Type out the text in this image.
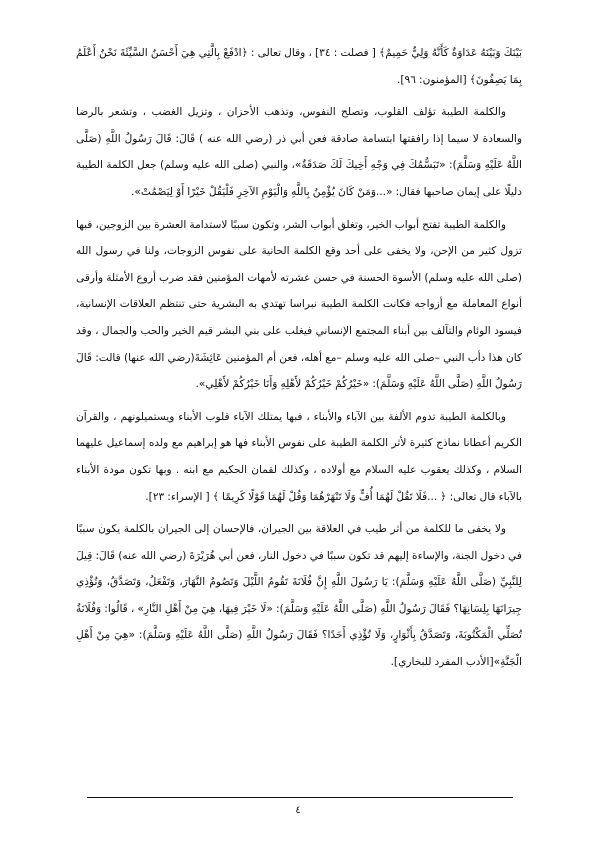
بَيْنَكَ وَبَيْنَهُ عَدَاوَةٌ كَأَنَّهُ وَلِيٌّ حَمِيمٌ﴾ [ فصلت : ٣٤] ، وقال تعالى : ﴿ادْفَعْ بِالَّتِي هِيَ أَحْسَنُ السَّيِّئَةَ نَحْنُ أَعْلَمُ بِمَا يَصِفُونَ﴾ [المؤمنون: ٩٦].

والكلمة الطيبة تؤلف القلوب، وتصلح النفوس، وتذهب الأحزان ، وتزيل الغضب ، وتشعر بالرضا والسعادة لا سيما إذا رافقتها ابتسامة صادقة فعن أبي ذر (رضي الله عنه ) قَالَ: قَالَ رَسُولُ اللَّهِ (صَلَّى اللَّهُ عَلَيْهِ وَسَلَّمَ): «تَبَسُّمُكَ فِي وَجْهِ أَخِيكَ لَكَ صَدَقَةٌ»، والنبي (صلى الله عليه وسلم) جعل الكلمة الطيبة دليلًا على إيمان صاحبها فقال: «...وَمَنْ كَانَ يُؤْمِنُ بِاللَّهِ وَالْيَوْمِ الآخِرِ فَلْيَقُلْ خَيْرًا أَوْ لِيَصْمُتْ».

والكلمة الطيبة تفتح أبواب الخير، وتغلق أبواب الشر، وتكون سببًا لاستدامة العشرة بين الزوجين، فبها تزول كثير من الإحن، ولا يخفى على أحد وقع الكلمة الحانية على نفوس الزوجات، ولنا في رسول الله (صلى الله عليه وسلم) الأسوة الحسنة في حسن عشرته لأمهات المؤمنين فقد ضرب أروع الأمثلة وأرقى أنواع المعاملة مع أزواجه فكانت الكلمة الطيبة نبراسا تهتدي به البشرية حتى تنتظم العلاقات الإنسانية، فيسود الوئام والتآلف بين أبناء المجتمع الإنساني فيغلب على بني البشر قيم الخير والحب والجمال ، وقد كان هذا دأب النبي –صلى الله عليه وسلم –مع أهله، فعن أم المؤمنين عَائِشَةَ(رضي الله عنها) قالت: قَالَ رَسُولُ اللَّهِ (صَلَّى اللَّهُ عَلَيْهِ وَسَلَّمَ): «خَيْرُكُمْ خَيْرُكُمْ لأَهْلِهِ وَأَنَا خَيْرُكُمْ لأَهْلِي».

وبالكلمة الطيبة تدوم الألفة بين الآباء والأبناء ، فبها يمتلك الآباء قلوب الأبناء ويستميلونهم ، والقرآن الكريم أعطانا نماذج كثيرة لأثر الكلمة الطيبة على نفوس الأبناء فها هو إبراهيم مع ولده إسماعيل عليهما السلام ، وكذلك يعقوب عليه السلام مع أولاده ، وكذلك لقمان الحكيم مع ابنه . وبها تكون مودة الأبناء بالآباء قال تعالى: ﴿ ...فَلَا تَقُلْ لَهُمَا أُفٍّ وَلَا تَنْهَرْهُمَا وَقُلْ لَهُمَا قَوْلًا كَرِيمًا ﴾ [ الإسراء: ٢٣].

ولا يخفى ما للكلمة من أثر طيب في العلاقة بين الجيران، فالإحسان إلى الجيران بالكلمة يكون سببًا في دخول الجنة، والإساءة إليهم قد تكون سببًا في دخول النار، فعن أبي هُرَيْرَةَ (رضي الله عنه) قَالَ: قِيلَ لِلنَّبِيِّ (صَلَّى اللَّهُ عَلَيْهِ وَسَلَّمَ): يَا رَسُولَ اللَّهِ إِنَّ فُلَانَةَ تَقُومُ اللَّيْلَ وَتَصُومُ النَّهَارَ، وَتَفْعَلُ، وَتَصَدَّقُ، وَتُؤْذِي جِيرَانَهَا بِلِسَانِهَا؟ فَقَالَ رَسُولُ اللَّهِ (صَلَّى اللَّهُ عَلَيْهِ وَسَلَّمَ): «لَا خَيْرَ فِيهَا، هِيَ مِنْ أَهْلِ النَّارِ» ، قَالُوا: وَفُلَانَةُ تُصَلِّي الْمَكْتُوبَةَ، وَتَصَدَّقُ بِأَثْوَارٍ، وَلَا تُؤْذِي أَحَدًا؟ فَقَالَ رَسُولُ اللَّهِ (صَلَّى اللَّهُ عَلَيْهِ وَسَلَّمَ): «هِيَ مِنْ أَهْلِ الْجَنَّةِ»[الأدب المفرد للبخاري].

٤
